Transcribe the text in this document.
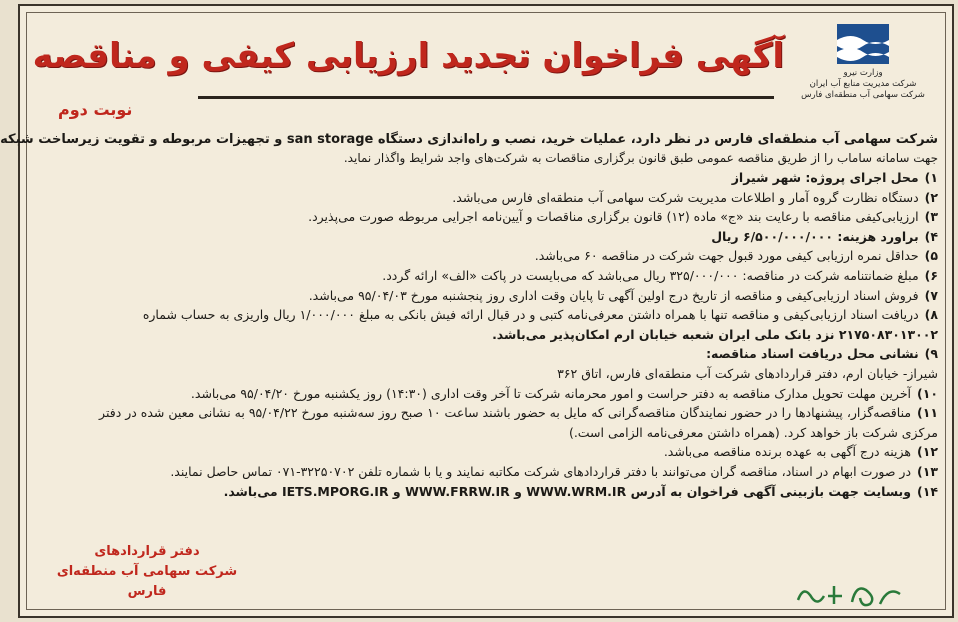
وزارت نیرو
شرکت مدیریت منابع آب ایران
شرکت سهامی آب منطقه‌ای فارس
آگهی فراخوان تجدید ارزیابی کیفی و مناقصه
نوبت دوم
شرکت سهامی آب منطقه‌ای فارس در نظر دارد، عملیات خرید، نصب و راه‌اندازی دستگاه san storage و تجهیزات مربوطه و تقویت زیرساخت شبکه
جهت سامانه ساماب را از طریق مناقصه عمومی طبق قانون برگزاری مناقصات به شرکت‌های واجد شرایط واگذار نماید.
۱) محل اجرای پروژه: شهر شیراز
۲) دستگاه نظارت گروه آمار و اطلاعات مدیریت شرکت سهامی آب منطقه‌ای فارس می‌باشد.
۳) ارزیابی‌کیفی مناقصه با رعایت بند «ج» ماده (۱۲) قانون برگزاری مناقصات و آیین‌نامه اجرایی مربوطه صورت می‌پذیرد.
۴) براورد هزینه: ۶/۵۰۰/۰۰۰/۰۰۰ ریال
۵) حداقل نمره ارزیابی کیفی مورد قبول جهت شرکت در مناقصه ۶۰ می‌باشد.
۶) مبلغ ضمانتنامه شرکت در مناقصه: ۳۲۵/۰۰۰/۰۰۰ ریال می‌باشد که می‌بایست در پاکت «الف» ارائه گردد.
۷) فروش اسناد ارزیابی‌کیفی و مناقصه از تاریخ درج اولین آگهی تا پایان وقت اداری روز پنجشنبه مورخ ۹۵/۰۴/۰۳ می‌باشد.
۸) دریافت اسناد ارزیابی‌کیفی و مناقصه تنها با همراه داشتن معرفی‌نامه کتبی و در قبال ارائه فیش بانکی به مبلغ ۱/۰۰۰/۰۰۰ ریال واریزی به حساب شماره
۲۱۷۵۰۸۳۰۱۳۰۰۲ نزد بانک ملی ایران شعبه خیابان ارم امکان‌پذیر می‌باشد.
۹) نشانی محل دریافت اسناد مناقصه:
شیراز- خیابان ارم، دفتر قراردادهای شرکت آب منطقه‌ای فارس، اتاق ۳۶۲
۱۰) آخرین مهلت تحویل مدارک مناقصه به دفتر حراست و امور محرمانه شرکت تا آخر وقت اداری (۱۴:۳۰) روز یکشنبه مورخ ۹۵/۰۴/۲۰ می‌باشد.
۱۱) مناقصه‌گزار، پیشنهادها را در حضور نمایندگان مناقصه‌گرانی که مایل به حضور باشند ساعت ۱۰ صبح روز سه‌شنبه مورخ ۹۵/۰۴/۲۲ به نشانی معین شده در دفتر
مرکزی شرکت باز خواهد کرد. (همراه داشتن معرفی‌نامه الزامی است.)
۱۲) هزینه درج آگهی به عهده برنده مناقصه می‌باشد.
۱۳) در صورت ابهام در اسناد، مناقصه گران می‌توانند با دفتر قراردادهای شرکت مکاتبه نمایند و یا با شماره تلفن ۳۲۲۵۰۷۰۲-۰۷۱ تماس حاصل نمایند.
۱۴) وبسایت جهت بازبینی آگهی فراخوان به آدرس WWW.WRM.IR و WWW.FRRW.IR و IETS.MPORG.IR می‌باشد.
دفتر قراردادهای
شرکت سهامی آب منطقه‌ای فارس
